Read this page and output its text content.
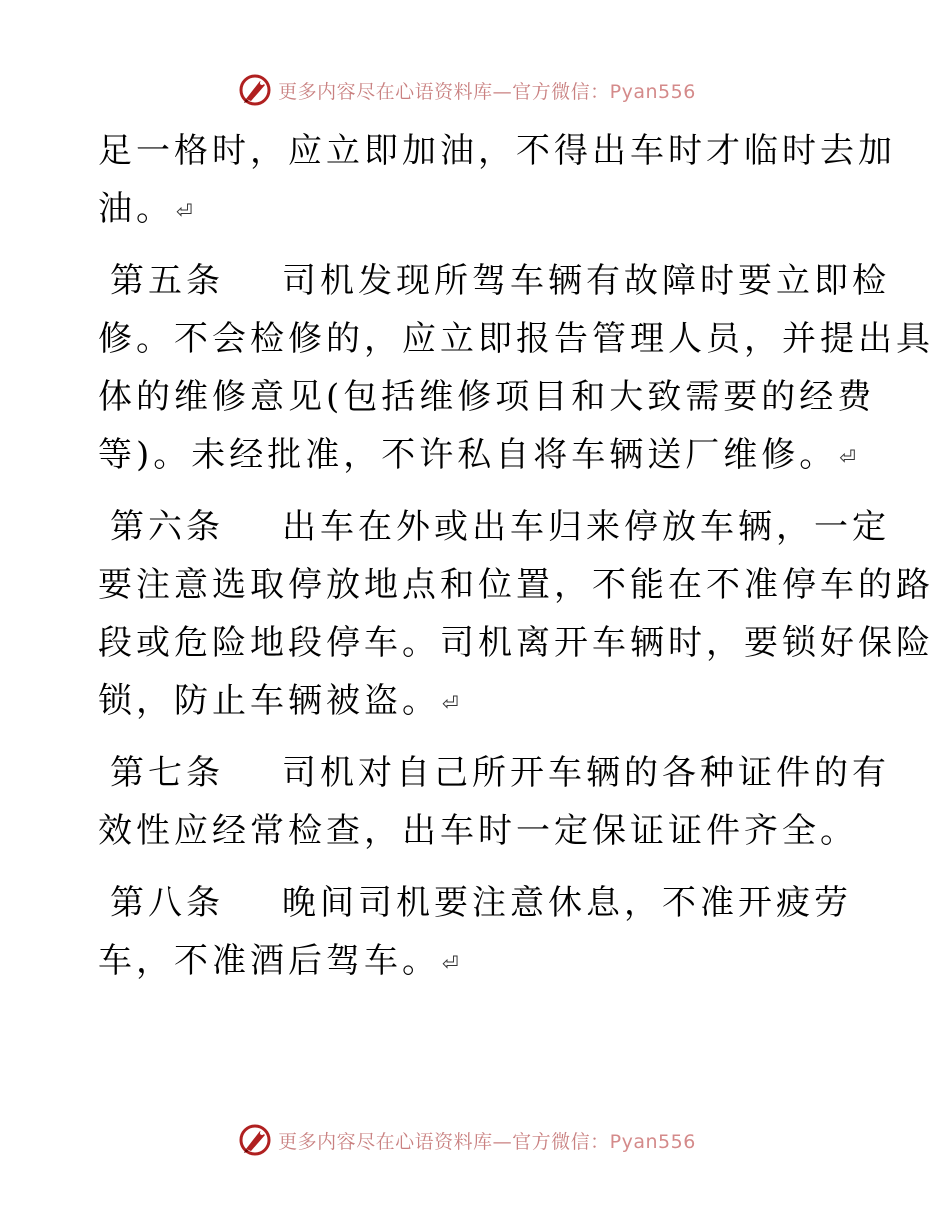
更多内容尽在心语资料库—官方微信：Pyan556
足一格时，应立即加油，不得出车时才临时去加
油。 ⏎
第五条 司机发现所驾车辆有故障时要立即检
修。不会检修的，应立即报告管理人员，并提出具
体的维修意见(包括维修项目和大致需要的经费
等)。未经批准，不许私自将车辆送厂维修。 ⏎
第六条 出车在外或出车归来停放车辆，一定
要注意选取停放地点和位置，不能在不准停车的路
段或危险地段停车。司机离开车辆时，要锁好保险
锁，防止车辆被盗。 ⏎
第七条 司机对自己所开车辆的各种证件的有
效性应经常检查，出车时一定保证证件齐全。
第八条 晚间司机要注意休息，不准开疲劳
车，不准酒后驾车。 ⏎
更多内容尽在心语资料库—官方微信：Pyan556
